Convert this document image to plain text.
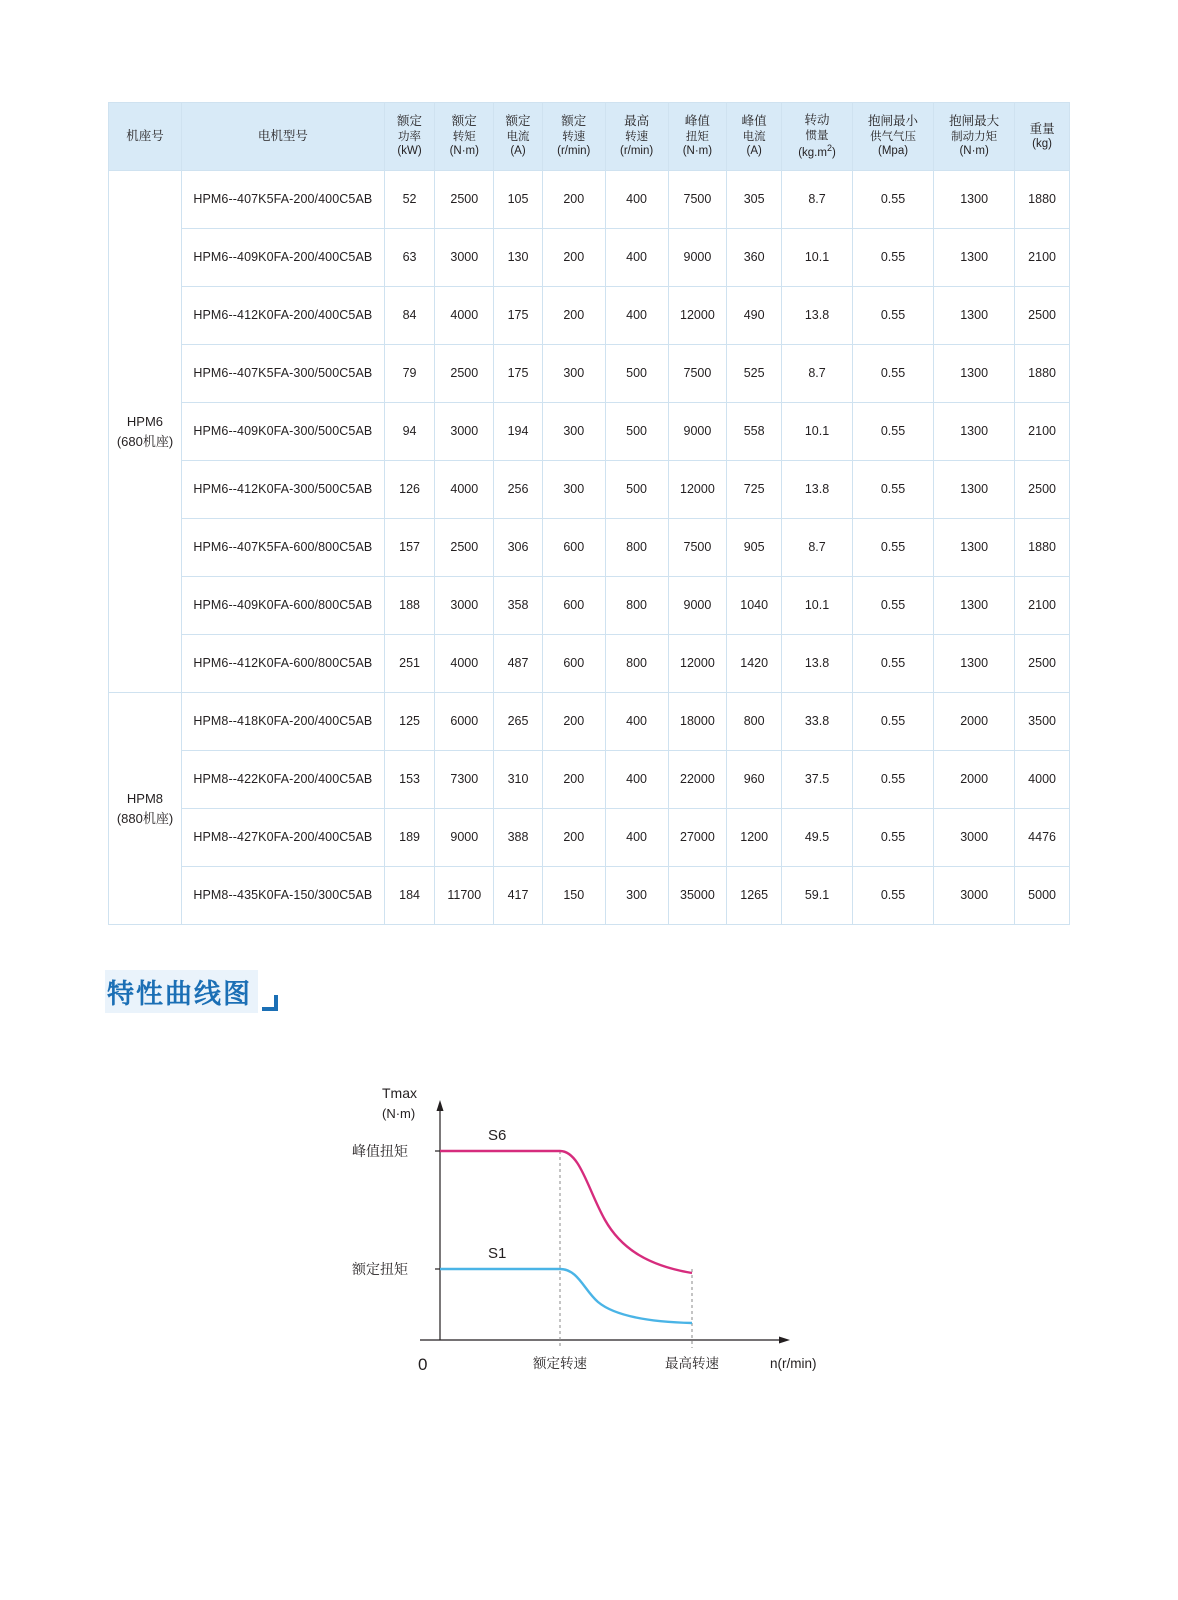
机座号	电机型号	额定
功率
(kW)	额定
转矩
(N·m)	额定
电流
(A)	额定
转速
(r/min)	最高
转速
(r/min)	峰值
扭矩
(N·m)	峰值
电流
(A)	转动
惯量
$(kg.m^2)$	抱闸最小
供气气压
(Mpa)	抱闸最大
制动力矩
(N·m)	重量
(kg)

HPM6
(680机座)	HPM6--407K5FA-200/400C5AB	52	2500	105	200	400	7500	305	8.7	0.55	1300	1880
	HPM6--409K0FA-200/400C5AB	63	3000	130	200	400	9000	360	10.1	0.55	1300	2100
	HPM6--412K0FA-200/400C5AB	84	4000	175	200	400	12000	490	13.8	0.55	1300	2500
	HPM6--407K5FA-300/500C5AB	79	2500	175	300	500	7500	525	8.7	0.55	1300	1880
	HPM6--409K0FA-300/500C5AB	94	3000	194	300	500	9000	558	10.1	0.55	1300	2100
	HPM6--412K0FA-300/500C5AB	126	4000	256	300	500	12000	725	13.8	0.55	1300	2500
	HPM6--407K5FA-600/800C5AB	157	2500	306	600	800	7500	905	8.7	0.55	1300	1880
	HPM6--409K0FA-600/800C5AB	188	3000	358	600	800	9000	1040	10.1	0.55	1300	2100
	HPM6--412K0FA-600/800C5AB	251	4000	487	600	800	12000	1420	13.8	0.55	1300	2500

HPM8
(880机座)	HPM8--418K0FA-200/400C5AB	125	6000	265	200	400	18000	800	33.8	0.55	2000	3500
	HPM8--422K0FA-200/400C5AB	153	7300	310	200	400	22000	960	37.5	0.55	2000	4000
	HPM8--427K0FA-200/400C5AB	189	9000	388	200	400	27000	1200	49.5	0.55	3000	4476
	HPM8--435K0FA-150/300C5AB	184	11700	417	150	300	35000	1265	59.1	0.55	3000	5000
特性曲线图
Tmax
(N·m)
峰值扭矩
额定扭矩
S6
S1
0	额定转速	最高转速	n(r/min)
